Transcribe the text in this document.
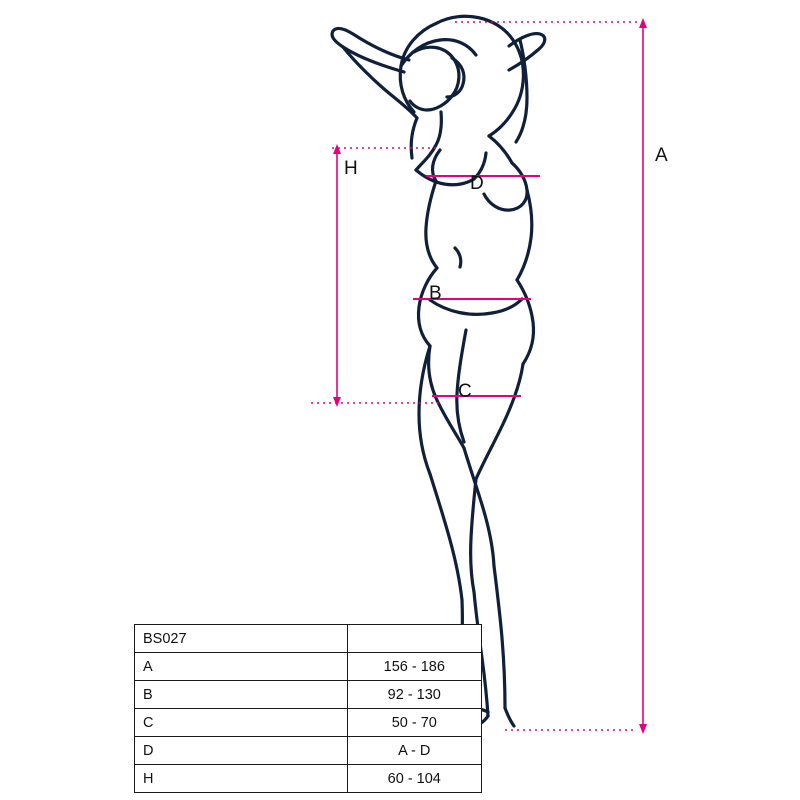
A
B
C
D
H
BS027	
A	156 - 186
B	92 - 130
C	50 - 70
D	A - D
H	60 - 104
